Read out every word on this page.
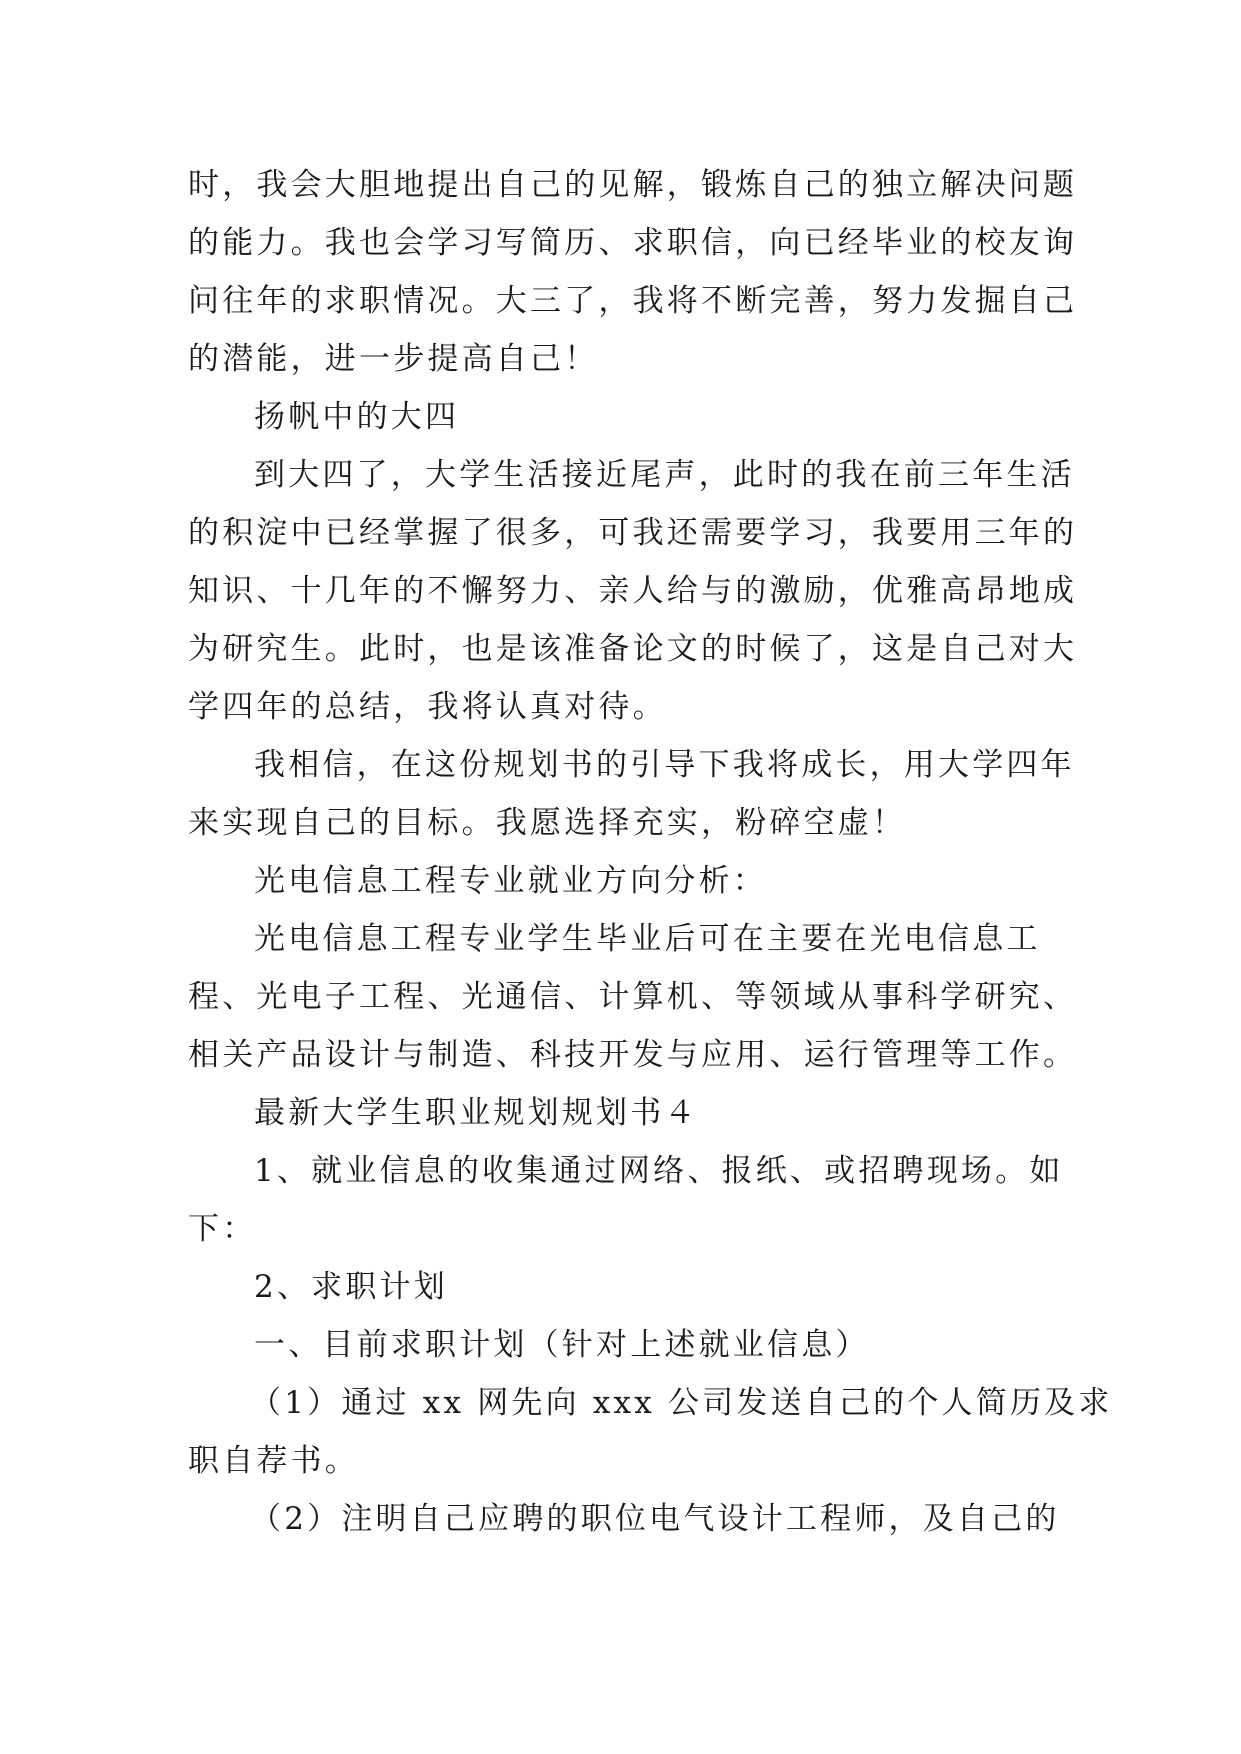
时，我会大胆地提出自己的见解，锻炼自己的独立解决问题
的能力。我也会学习写简历、求职信，向已经毕业的校友询
问往年的求职情况。大三了，我将不断完善，努力发掘自己
的潜能，进一步提高自己！
扬帆中的大四
到大四了，大学生活接近尾声，此时的我在前三年生活
的积淀中已经掌握了很多，可我还需要学习，我要用三年的
知识、十几年的不懈努力、亲人给与的激励，优雅高昂地成
为研究生。此时，也是该准备论文的时候了，这是自己对大
学四年的总结，我将认真对待。
我相信，在这份规划书的引导下我将成长，用大学四年
来实现自己的目标。我愿选择充实，粉碎空虚！
光电信息工程专业就业方向分析：
光电信息工程专业学生毕业后可在主要在光电信息工
程、光电子工程、光通信、计算机、等领域从事科学研究、
相关产品设计与制造、科技开发与应用、运行管理等工作。
最新大学生职业规划规划书４
1、就业信息的收集通过网络、报纸、或招聘现场。如
下：
2、求职计划
一、目前求职计划（针对上述就业信息）
（1）通过 xx 网先向 xxx 公司发送自己的个人简历及求
职自荐书。
（2）注明自己应聘的职位电气设计工程师，及自己的
